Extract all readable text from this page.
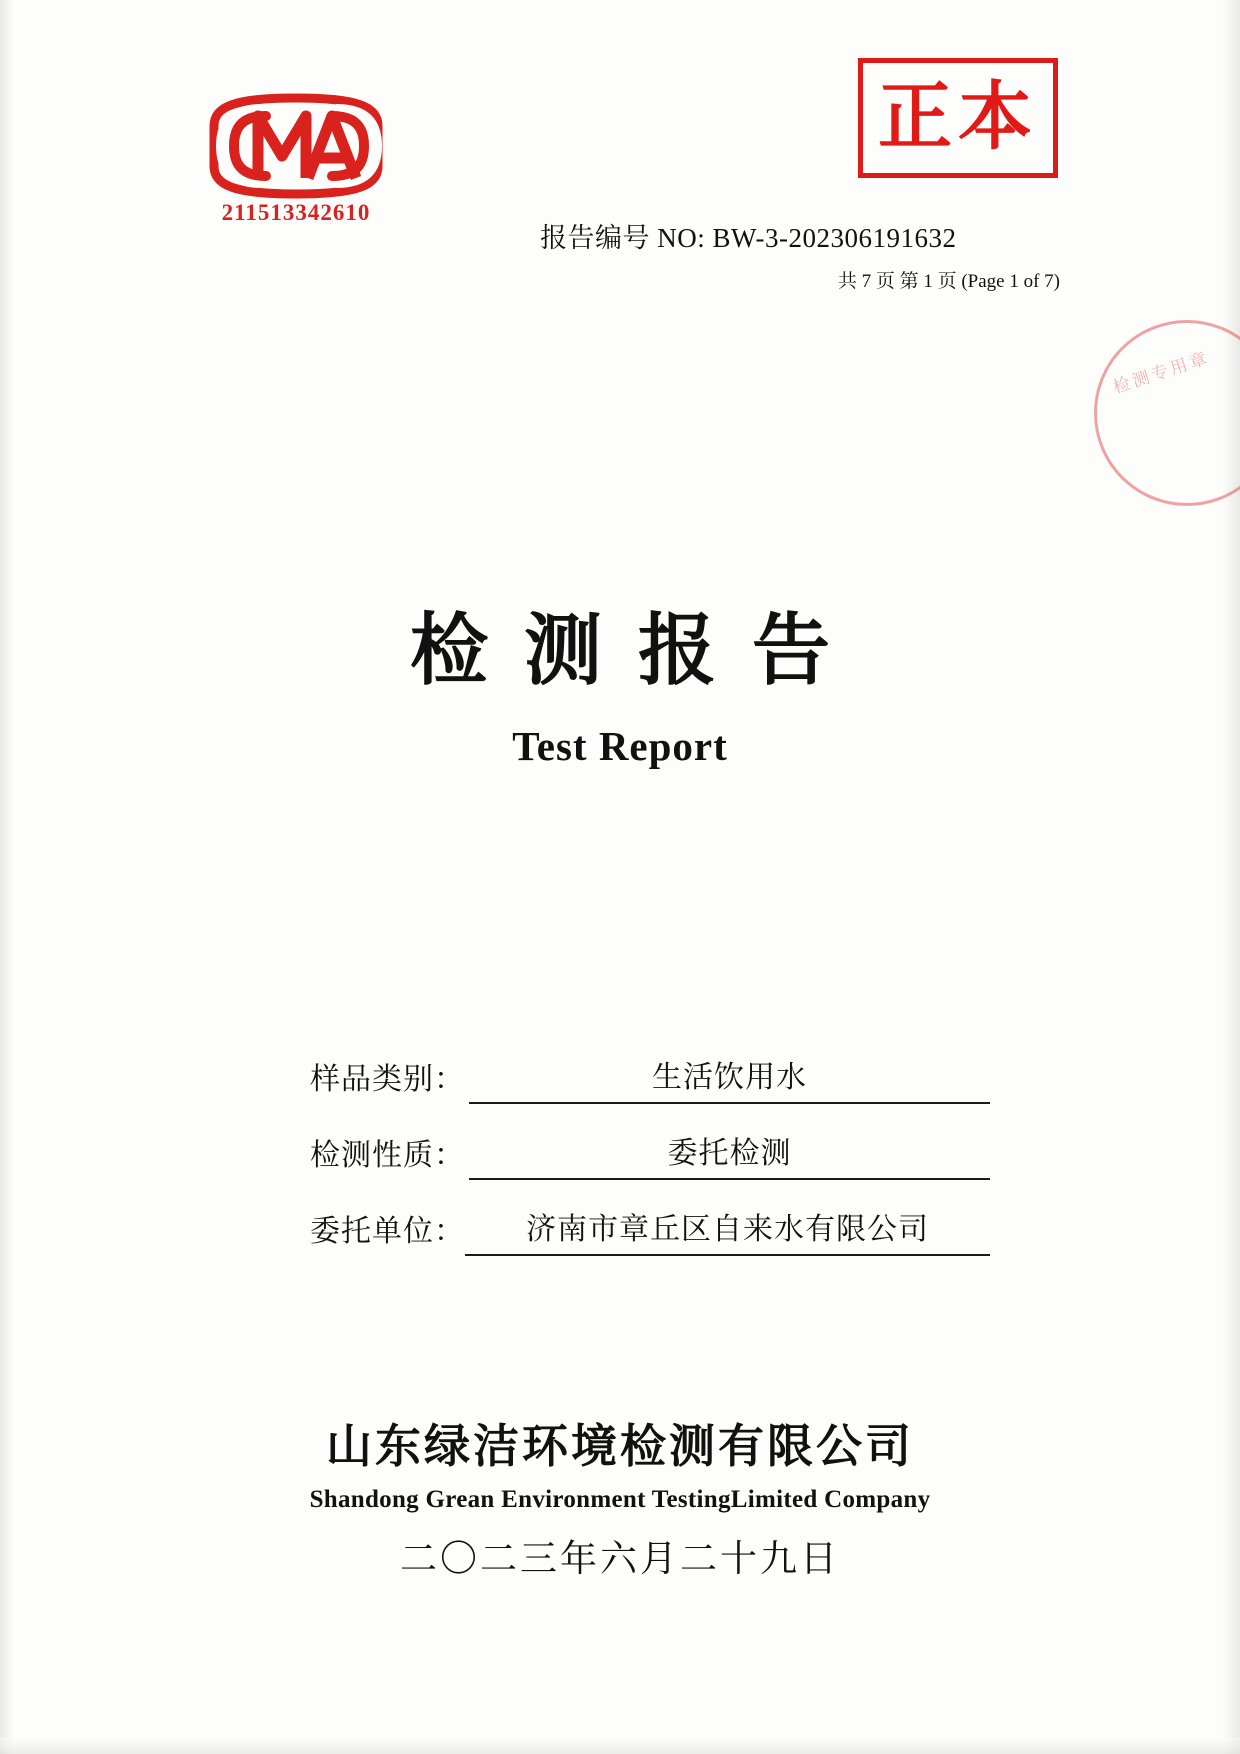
211513342610
正本
报告编号 NO: BW-3-202306191632
共 7 页 第 1 页 (Page 1 of 7)
检测专用章
检测报告
Test Report
样品类别：	生活饮用水
检测性质：	委托检测
委托单位：	济南市章丘区自来水有限公司
山东绿洁环境检测有限公司
Shandong Grean Environment TestingLimited Company
二〇二三年六月二十九日
